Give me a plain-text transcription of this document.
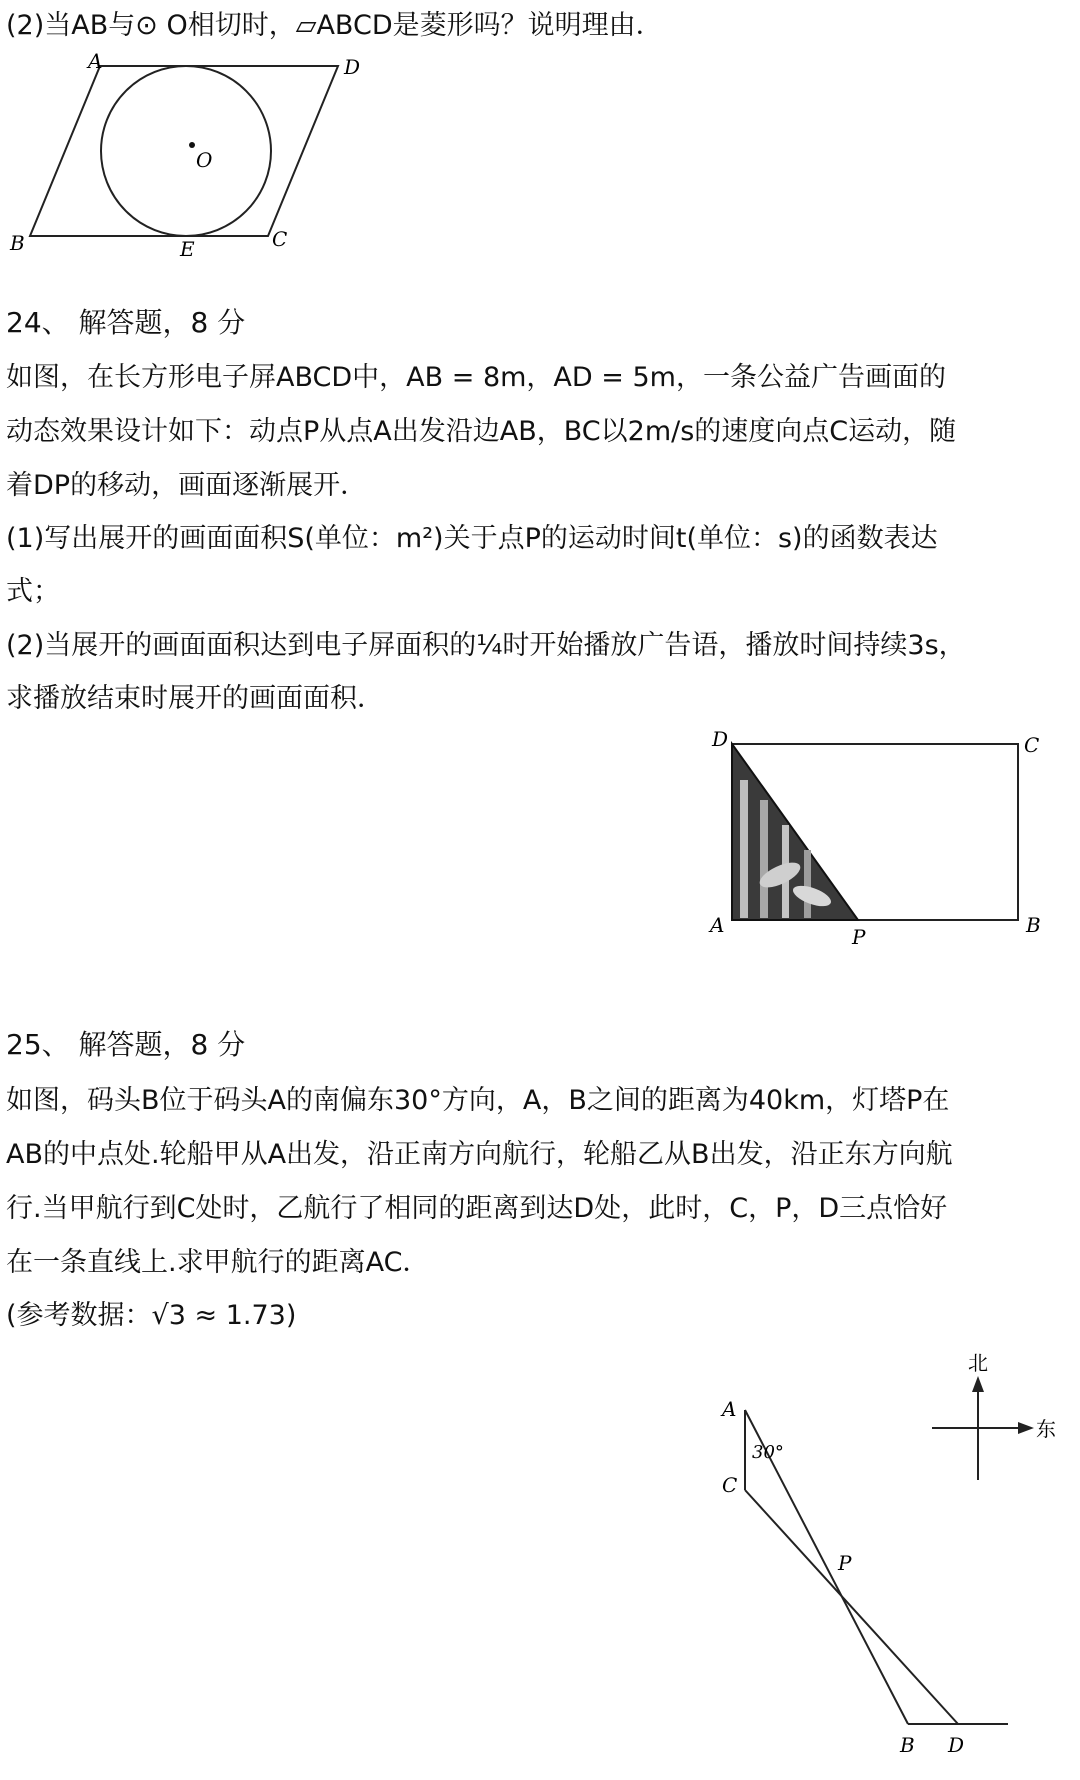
(2)当AB与⊙ O相切时，▱ABCD是菱形吗？说明理由．
A	D
B	C
E
O
24、 解答题，8 分
如图，在长方形电子屏ABCD中，AB = 8m，AD = 5m，一条公益广告画面的
动态效果设计如下：动点P从点A出发沿边AB，BC以2m/s的速度向点C运动，随
着DP的移动，画面逐渐展开．
(1)写出展开的画面面积S(单位：m²)关于点P的运动时间t(单位：s)的函数表达
式；
(2)当展开的画面面积达到电子屏面积的¼时开始播放广告语，播放时间持续3s，
求播放结束时展开的画面面积．
D	C
A	B
P
25、 解答题，8 分
如图，码头B位于码头A的南偏东30°方向，A，B之间的距离为40km，灯塔P在
AB的中点处.轮船甲从A出发，沿正南方向航行，轮船乙从B出发，沿正东方向航
行.当甲航行到C处时，乙航行了相同的距离到达D处，此时，C，P，D三点恰好
在一条直线上.求甲航行的距离AC．
(参考数据：√3 ≈ 1.73)
北
东
A
30°
C
P
B D
